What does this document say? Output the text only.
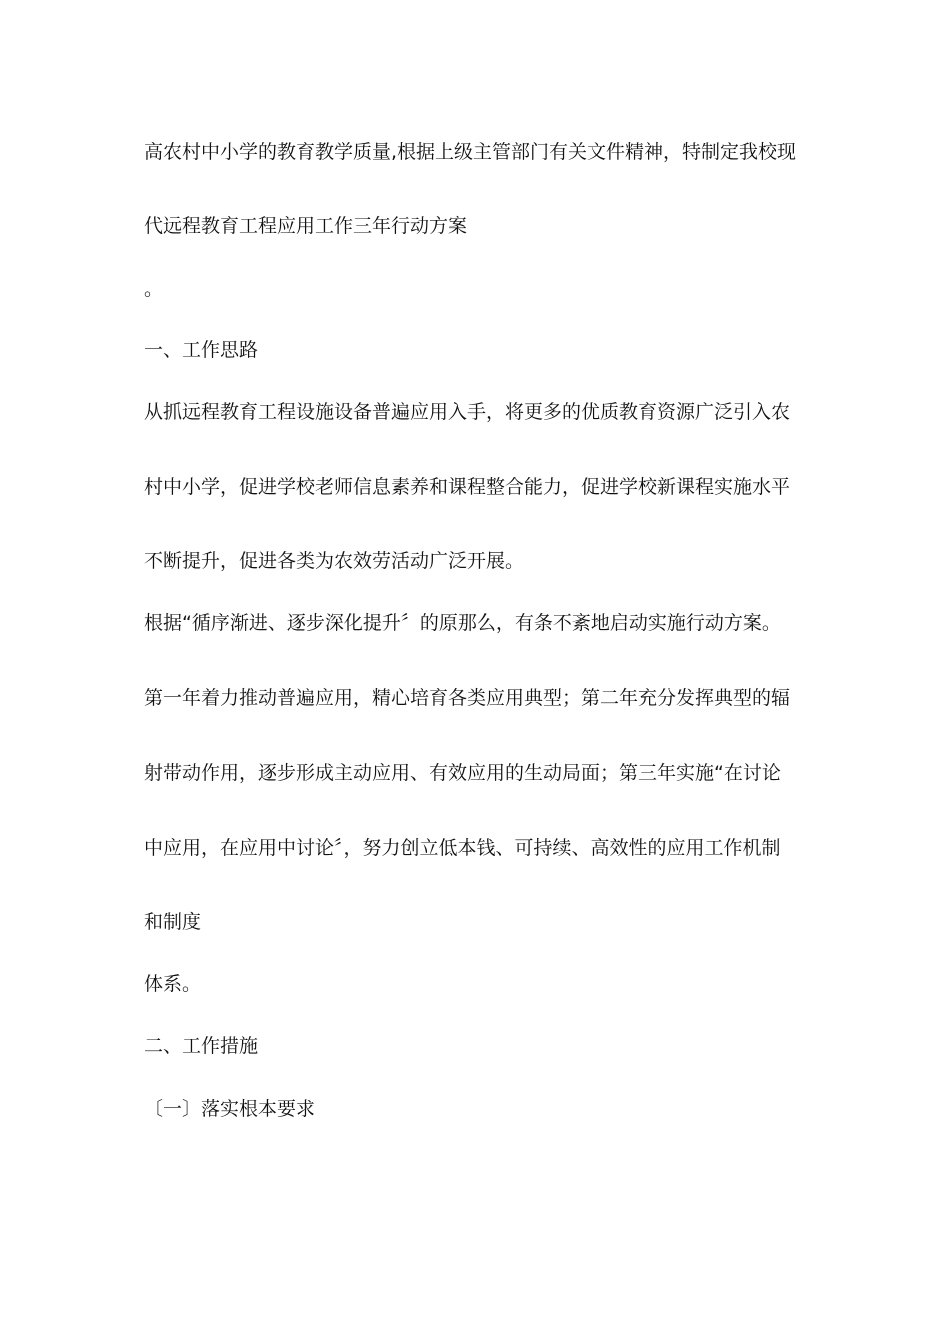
高农村中小学的教育教学质量,根据上级主管部门有关文件精神，特制定我校现
代远程教育工程应用工作三年行动方案
。
一、工作思路
从抓远程教育工程设施设备普遍应用入手，将更多的优质教育资源广泛引入农
村中小学，促进学校老师信息素养和课程整合能力，促进学校新课程实施水平
不断提升，促进各类为农效劳活动广泛开展。
根据“循序渐进、逐步深化提升〞的原那么，有条不紊地启动实施行动方案。
第一年着力推动普遍应用，精心培育各类应用典型；第二年充分发挥典型的辐
射带动作用，逐步形成主动应用、有效应用的生动局面；第三年实施“在讨论
中应用，在应用中讨论〞，努力创立低本钱、可持续、高效性的应用工作机制
和制度
体系。
二、工作措施
〔一〕落实根本要求
